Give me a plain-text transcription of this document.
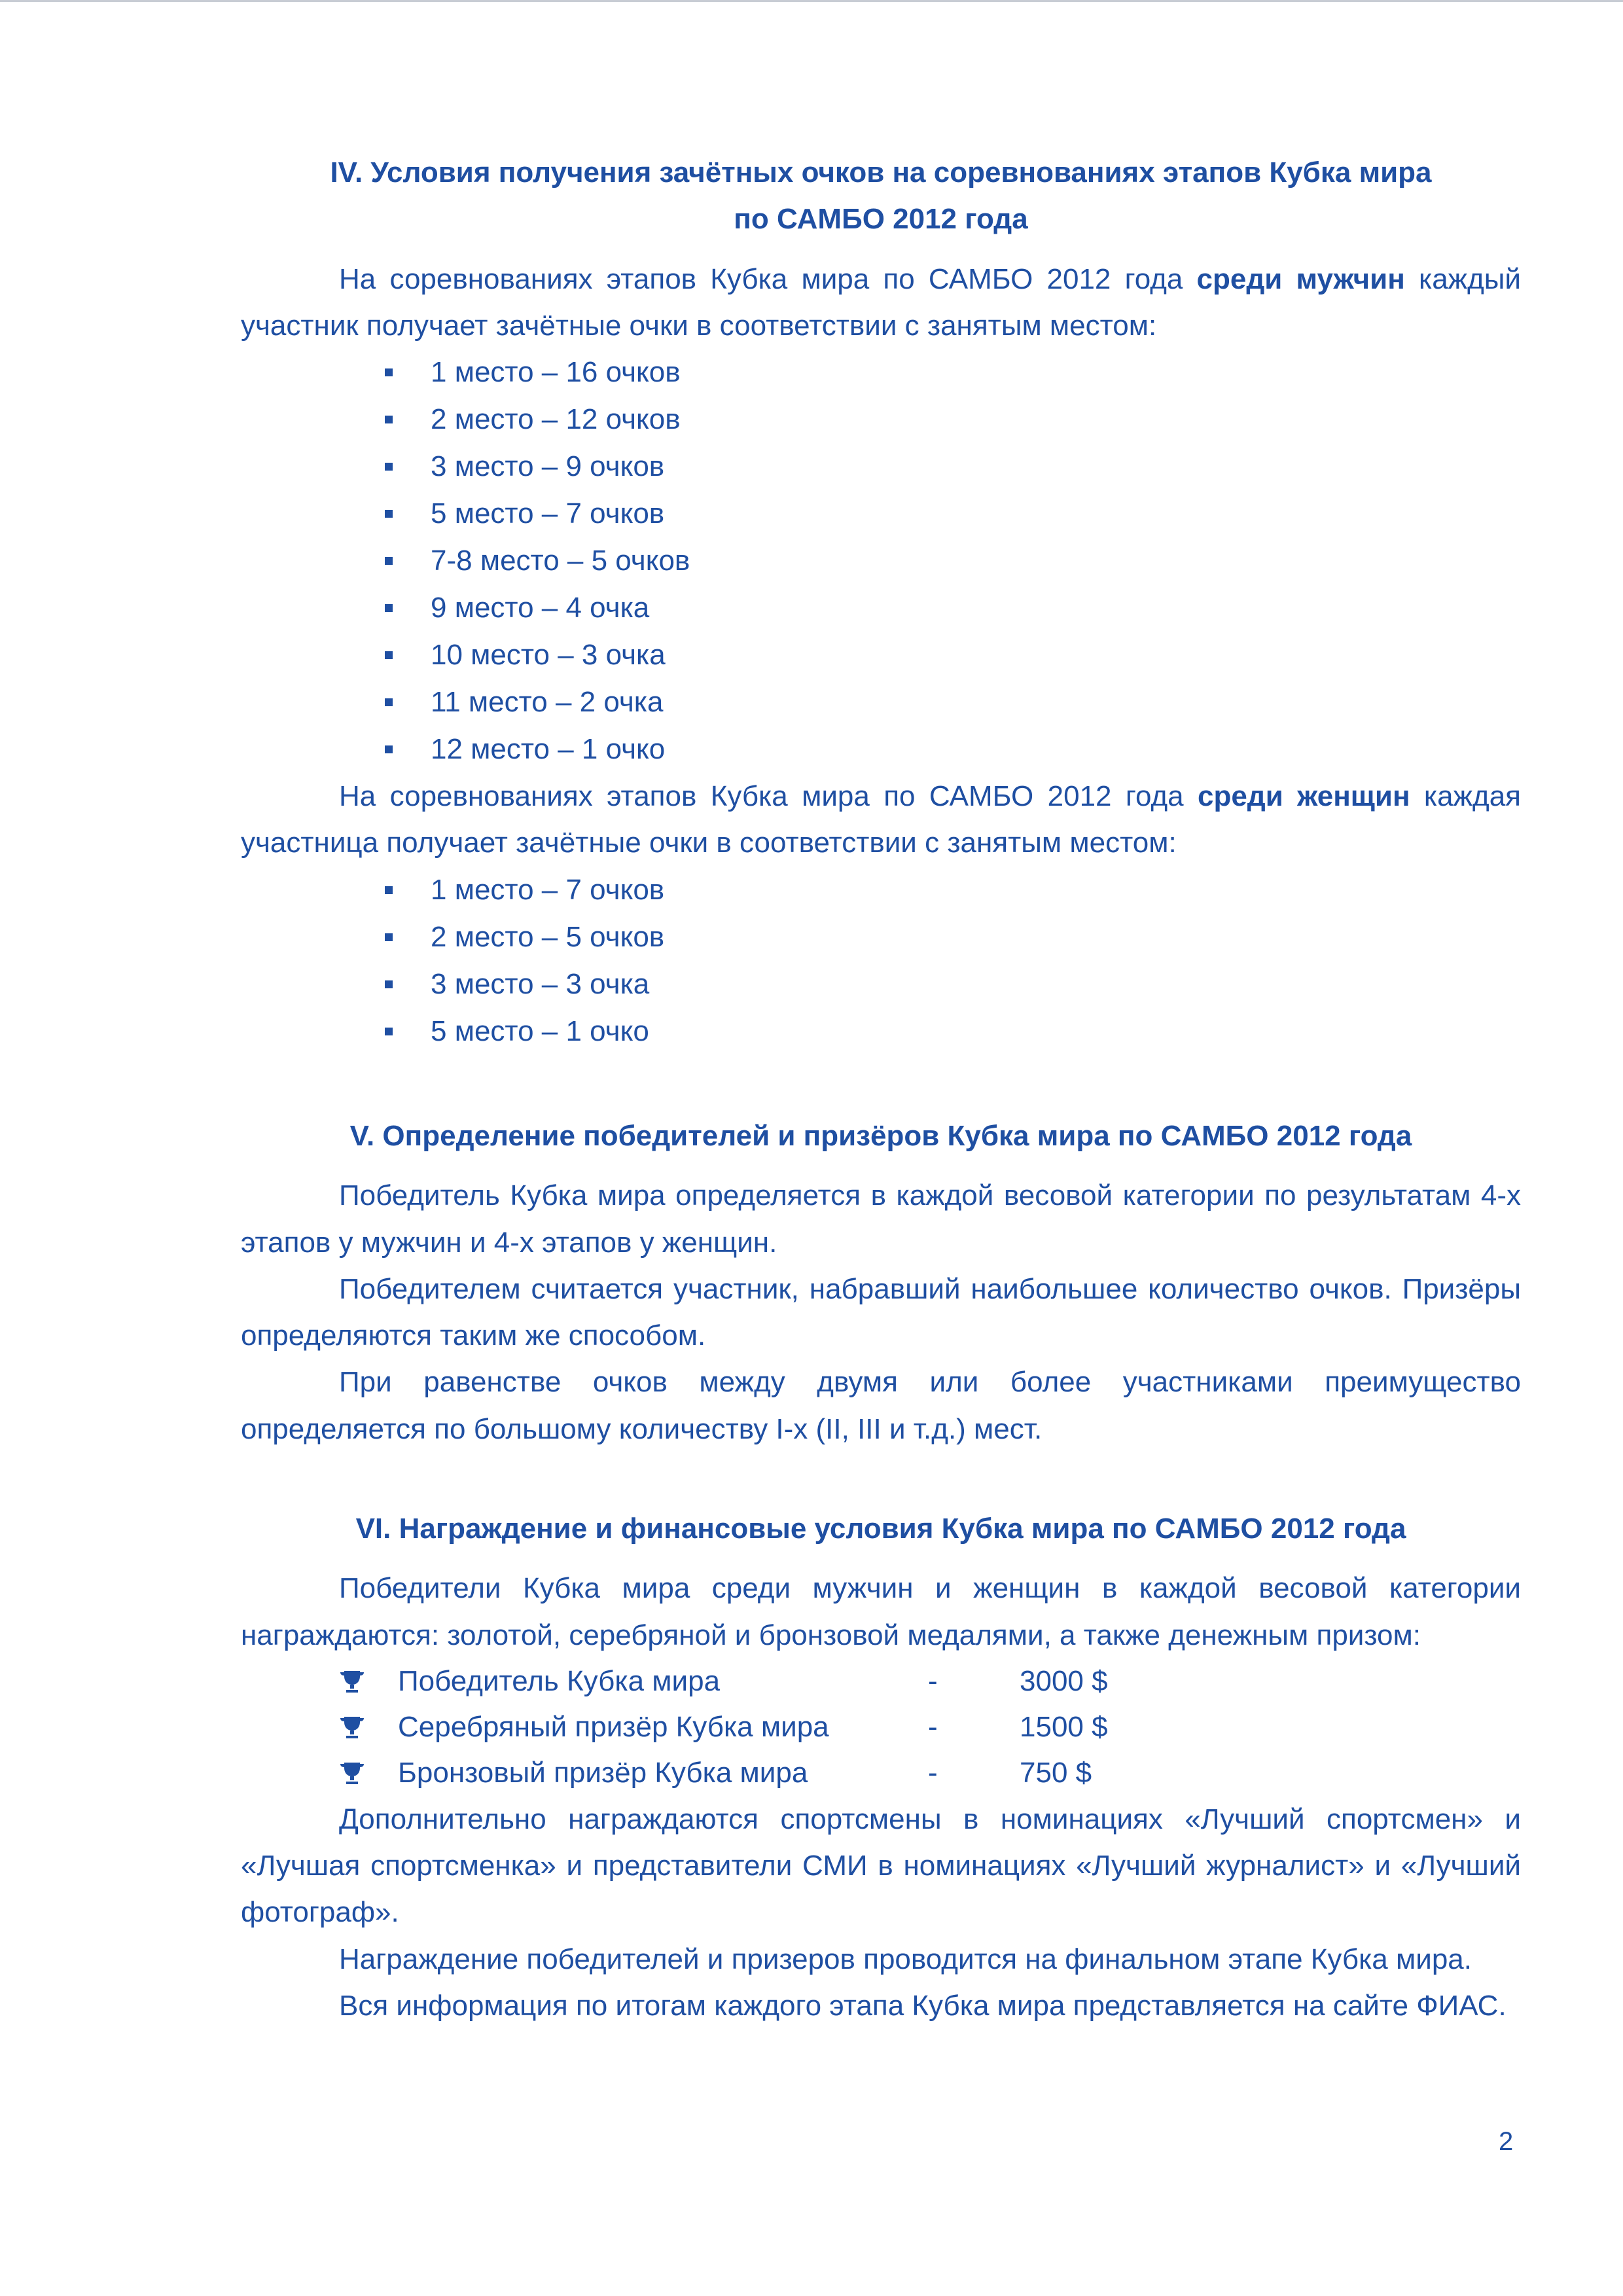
IV. Условия получения зачётных очков на соревнованиях этапов Кубка мира

по САМБО 2012 года

На соревнованиях этапов Кубка мира по САМБО 2012 года среди мужчин каждый участник получает зачётные очки в соответствии с занятым местом:

1 место – 16 очков
2 место – 12 очков
3 место – 9 очков
5 место – 7 очков
7-8 место – 5 очков
9 место – 4 очка
10 место – 3 очка
11 место – 2 очка
12 место – 1 очко

На соревнованиях этапов Кубка мира по САМБО 2012 года среди женщин каждая участница получает зачётные очки в соответствии с занятым местом:

1 место – 7 очков
2 место – 5 очков
3 место – 3 очка
5 место – 1 очко

V. Определение победителей и призёров Кубка мира по САМБО 2012 года

Победитель Кубка мира определяется в каждой весовой категории по результатам 4-х этапов у мужчин и 4-х этапов у женщин.

Победителем считается участник, набравший наибольшее количество очков. Призёры определяются таким же способом.

При равенстве очков между двумя или более участниками преимущество определяется по большому количеству I-х (II, III и т.д.) мест.

VI. Награждение и финансовые условия Кубка мира по САМБО 2012 года

Победители Кубка мира среди мужчин и женщин в каждой весовой категории награждаются: золотой, серебряной и бронзовой медалями, а также денежным призом:

Победитель Кубка мира	-	3000 $
Серебряный призёр Кубка мира	-	1500 $
Бронзовый призёр Кубка мира	-	750 $

Дополнительно награждаются спортсмены в номинациях «Лучший спортсмен» и «Лучшая спортсменка» и представители СМИ в номинациях «Лучший журналист» и «Лучший фотограф».

Награждение победителей и призеров проводится на финальном этапе Кубка мира.

Вся информация по итогам каждого этапа Кубка мира представляется на сайте ФИАС.

2
